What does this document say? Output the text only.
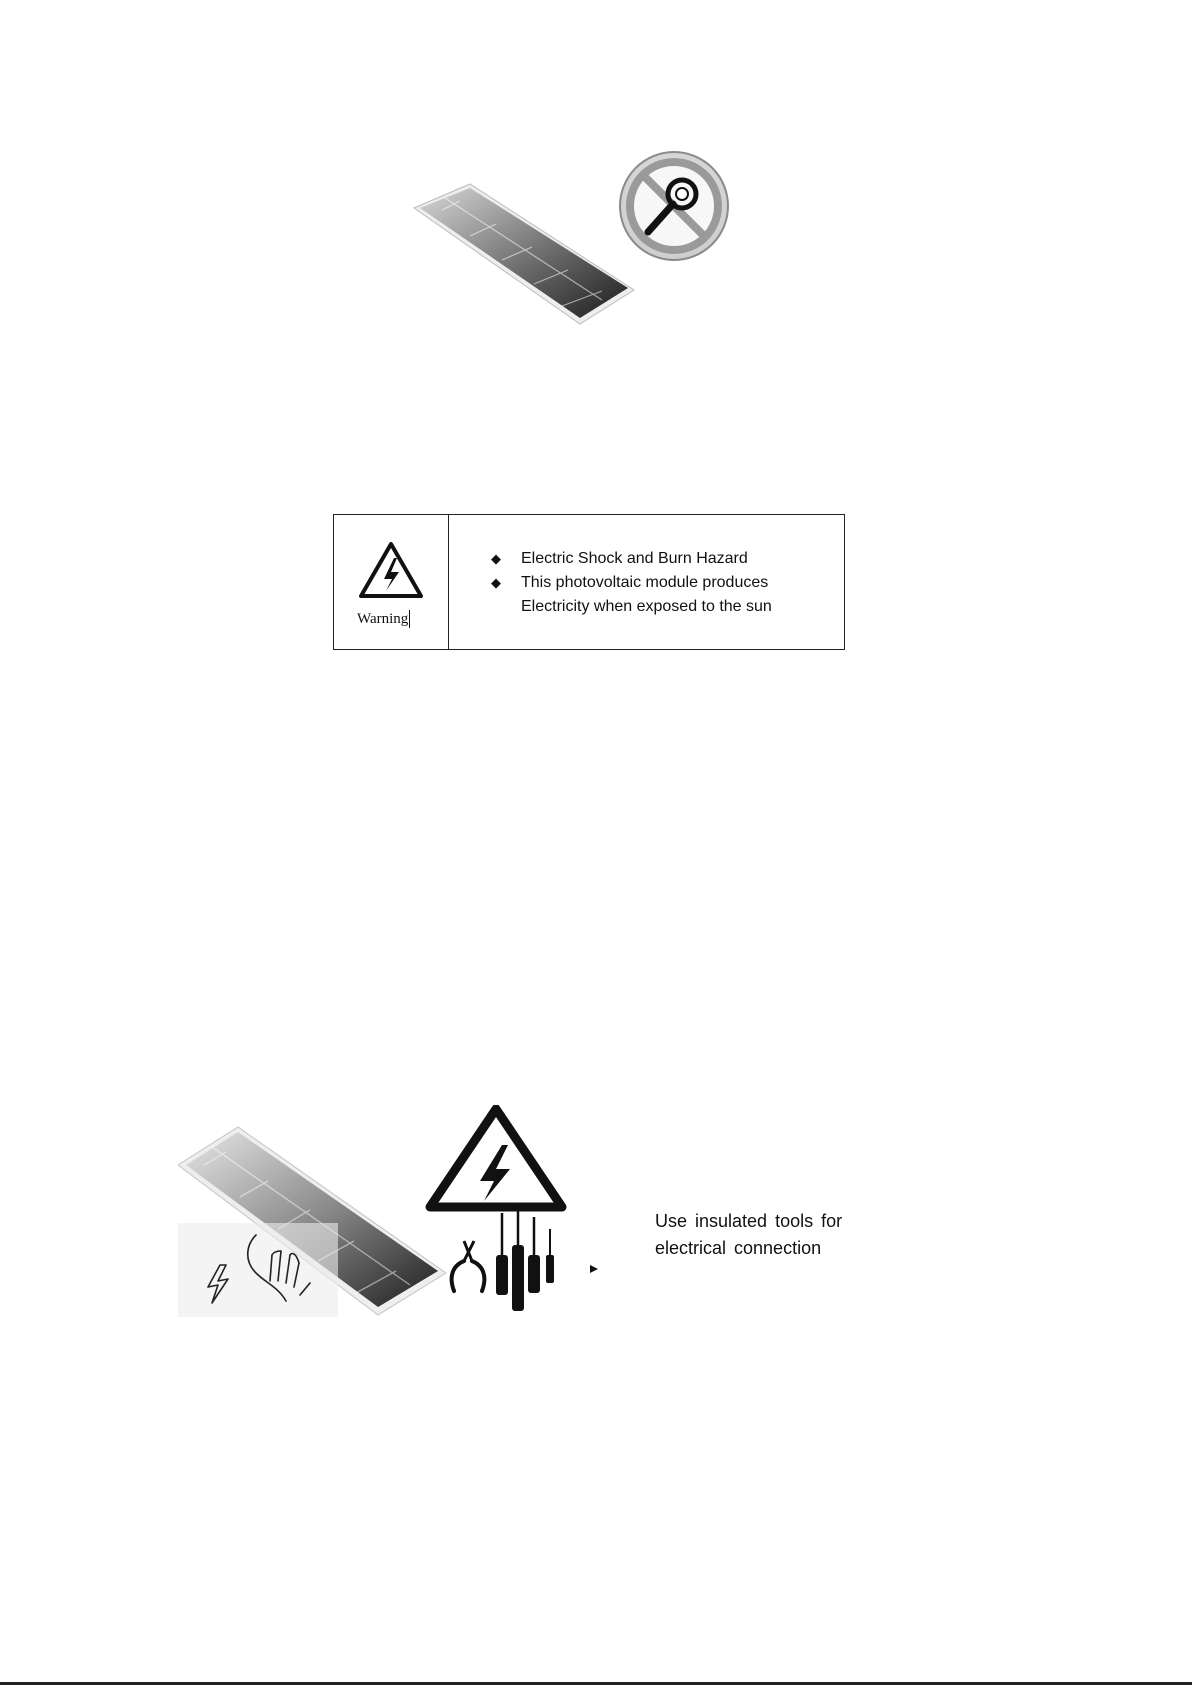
Warning
◆	Electric Shock and Burn Hazard
◆	This photovoltaic module produces
Electricity when exposed to the sun
Use insulated tools for
electrical connection
